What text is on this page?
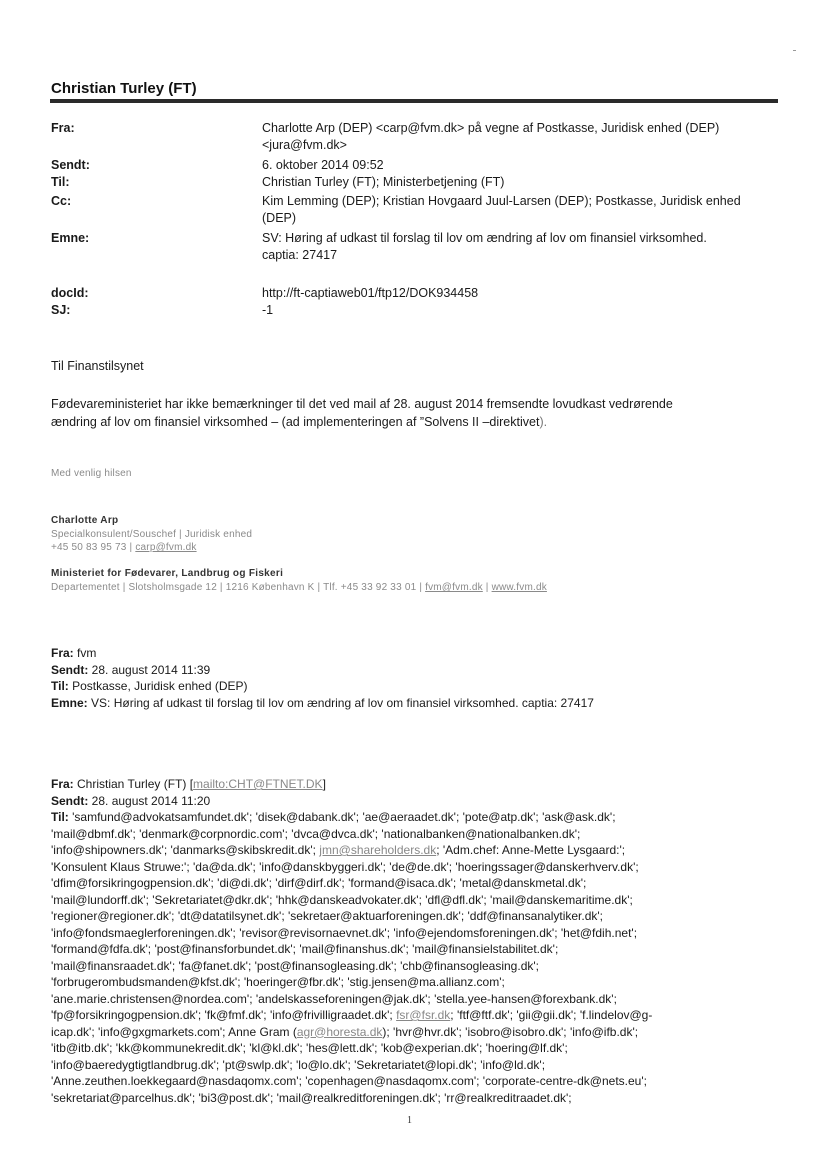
Christian Turley (FT)
Fra:	Charlotte Arp (DEP) <carp@fvm.dk> på vegne af Postkasse, Juridisk enhed (DEP)
<jura@fvm.dk>
Sendt:	6. oktober 2014 09:52
Til:	Christian Turley (FT); Ministerbetjening (FT)
Cc:	Kim Lemming (DEP); Kristian Hovgaard Juul-Larsen (DEP); Postkasse, Juridisk enhed
(DEP)
Emne:	SV: Høring af udkast til forslag til lov om ændring af lov om finansiel virksomhed.
captia: 27417
docId:	http://ft-captiaweb01/ftp12/DOK934458
SJ:	-1
Til Finanstilsynet
Fødevareministeriet har ikke bemærkninger til det ved mail af 28. august 2014 fremsendte lovudkast vedrørende
ændring af lov om finansiel virksomhed – (ad implementeringen af ”Solvens II –direktivet).
Med venlig hilsen
Charlotte Arp
Specialkonsulent/Souschef | Juridisk enhed
+45 50 83 95 73 | carp@fvm.dk
Ministeriet for Fødevarer, Landbrug og Fiskeri
Departementet | Slotsholmsgade 12 | 1216 København K | Tlf. +45 33 92 33 01 | fvm@fvm.dk | www.fvm.dk
Fra: fvm
Sendt: 28. august 2014 11:39
Til: Postkasse, Juridisk enhed (DEP)
Emne: VS: Høring af udkast til forslag til lov om ændring af lov om finansiel virksomhed. captia: 27417
Fra: Christian Turley (FT) [mailto:CHT@FTNET.DK]
Sendt: 28. august 2014 11:20
Til: 'samfund@advokatsamfundet.dk'; 'disek@dabank.dk'; 'ae@aeraadet.dk'; 'pote@atp.dk'; 'ask@ask.dk';
'mail@dbmf.dk'; 'denmark@corpnordic.com'; 'dvca@dvca.dk'; 'nationalbanken@nationalbanken.dk';
'info@shipowners.dk'; 'danmarks@skibskredit.dk'; jmn@shareholders.dk; 'Adm.chef: Anne-Mette Lysgaard:';
'Konsulent Klaus Struwe:'; 'da@da.dk'; 'info@danskbyggeri.dk'; 'de@de.dk'; 'hoeringssager@danskerhverv.dk';
'dfim@forsikringogpension.dk'; 'di@di.dk'; 'dirf@dirf.dk'; 'formand@isaca.dk'; 'metal@danskmetal.dk';
'mail@lundorff.dk'; 'Sekretariatet@dkr.dk'; 'hhk@danskeadvokater.dk'; 'dfl@dfl.dk'; 'mail@danskemaritime.dk';
'regioner@regioner.dk'; 'dt@datatilsynet.dk'; 'sekretaer@aktuarforeningen.dk'; 'ddf@finansanalytiker.dk';
'info@fondsmaeglerforeningen.dk'; 'revisor@revisornaevnet.dk'; 'info@ejendomsforeningen.dk'; 'het@fdih.net';
'formand@fdfa.dk'; 'post@finansforbundet.dk'; 'mail@finanshus.dk'; 'mail@finansielstabilitet.dk';
'mail@finansraadet.dk'; 'fa@fanet.dk'; 'post@finansogleasing.dk'; 'chb@finansogleasing.dk';
'forbrugerombudsmanden@kfst.dk'; 'hoeringer@fbr.dk'; 'stig.jensen@ma.allianz.com';
'ane.marie.christensen@nordea.com'; 'andelskasseforeningen@jak.dk'; 'stella.yee-hansen@forexbank.dk';
'fp@forsikringogpension.dk'; 'fk@fmf.dk'; 'info@frivilligraadet.dk'; fsr@fsr.dk; 'ftf@ftf.dk'; 'gii@gii.dk'; 'f.lindelov@g-
icap.dk'; 'info@gxgmarkets.com'; Anne Gram (agr@horesta.dk); 'hvr@hvr.dk'; 'isobro@isobro.dk'; 'info@ifb.dk';
'itb@itb.dk'; 'kk@kommunekredit.dk'; 'kl@kl.dk'; 'hes@lett.dk'; 'kob@experian.dk'; 'hoering@lf.dk';
'info@baeredygtigtlandbrug.dk'; 'pt@swlp.dk'; 'lo@lo.dk'; 'Sekretariatet@lopi.dk'; 'info@ld.dk';
'Anne.zeuthen.loekkegaard@nasdaqomx.com'; 'copenhagen@nasdaqomx.com'; 'corporate-centre-dk@nets.eu';
'sekretariat@parcelhus.dk'; 'bi3@post.dk'; 'mail@realkreditforeningen.dk'; 'rr@realkreditraadet.dk';
1
